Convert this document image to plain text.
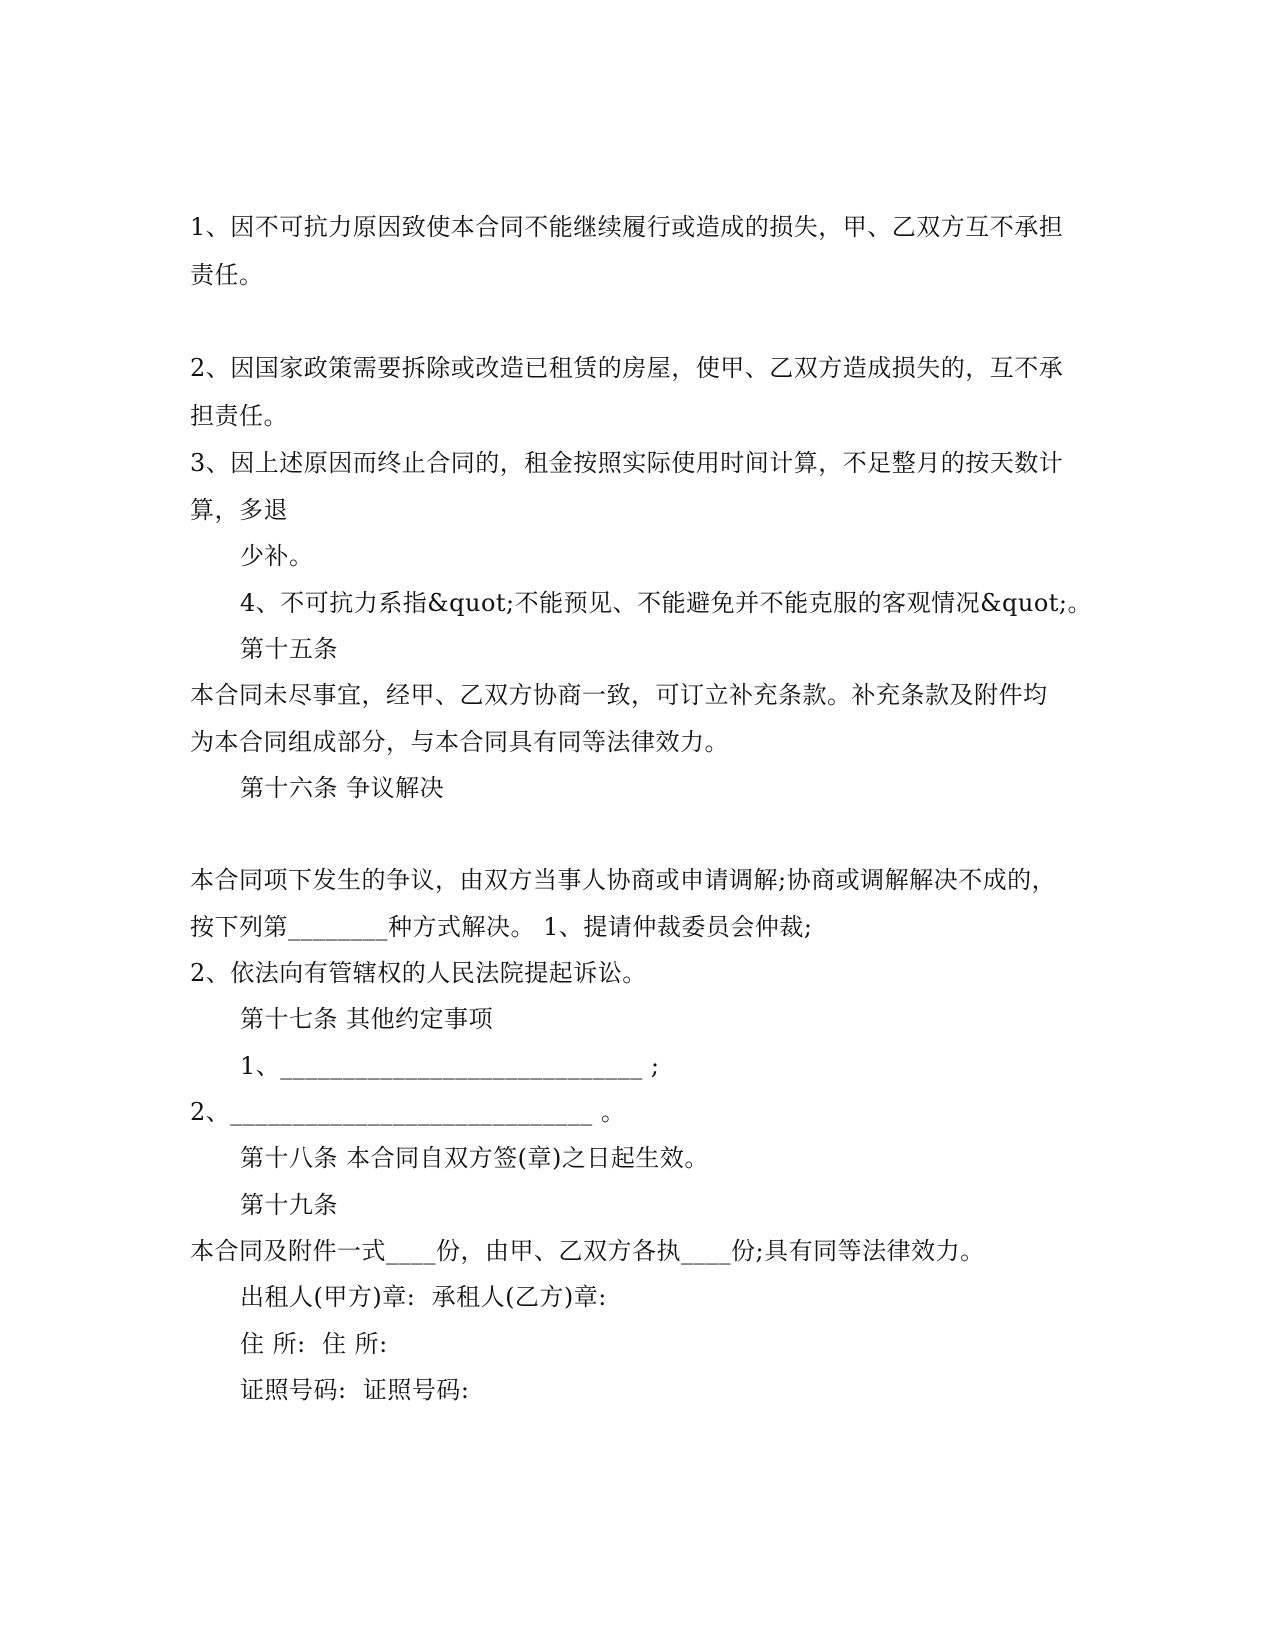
1、因不可抗力原因致使本合同不能继续履行或造成的损失，甲、乙双方互不承担
责任。
2、因国家政策需要拆除或改造已租赁的房屋，使甲、乙双方造成损失的，互不承
担责任。
3、因上述原因而终止合同的，租金按照实际使用时间计算，不足整月的按天数计
算，多退
少补。
4、不可抗力系指&quot;不能预见、不能避免并不能克服的客观情况&quot;。
第十五条
本合同未尽事宜，经甲、乙双方协商一致，可订立补充条款。补充条款及附件均
为本合同组成部分，与本合同具有同等法律效力。
第十六条 争议解决
本合同项下发生的争议，由双方当事人协商或申请调解;协商或调解解决不成的，
按下列第________种方式解决。 1、提请仲裁委员会仲裁;
2、依法向有管辖权的人民法院提起诉讼。
第十七条 其他约定事项
1、_____________________________ ;
2、_____________________________ 。
第十八条 本合同自双方签(章)之日起生效。
第十九条
本合同及附件一式____份，由甲、乙双方各执____份;具有同等法律效力。
出租人(甲方)章:  承租人(乙方)章:
住 所:  住 所:
证照号码:  证照号码:
